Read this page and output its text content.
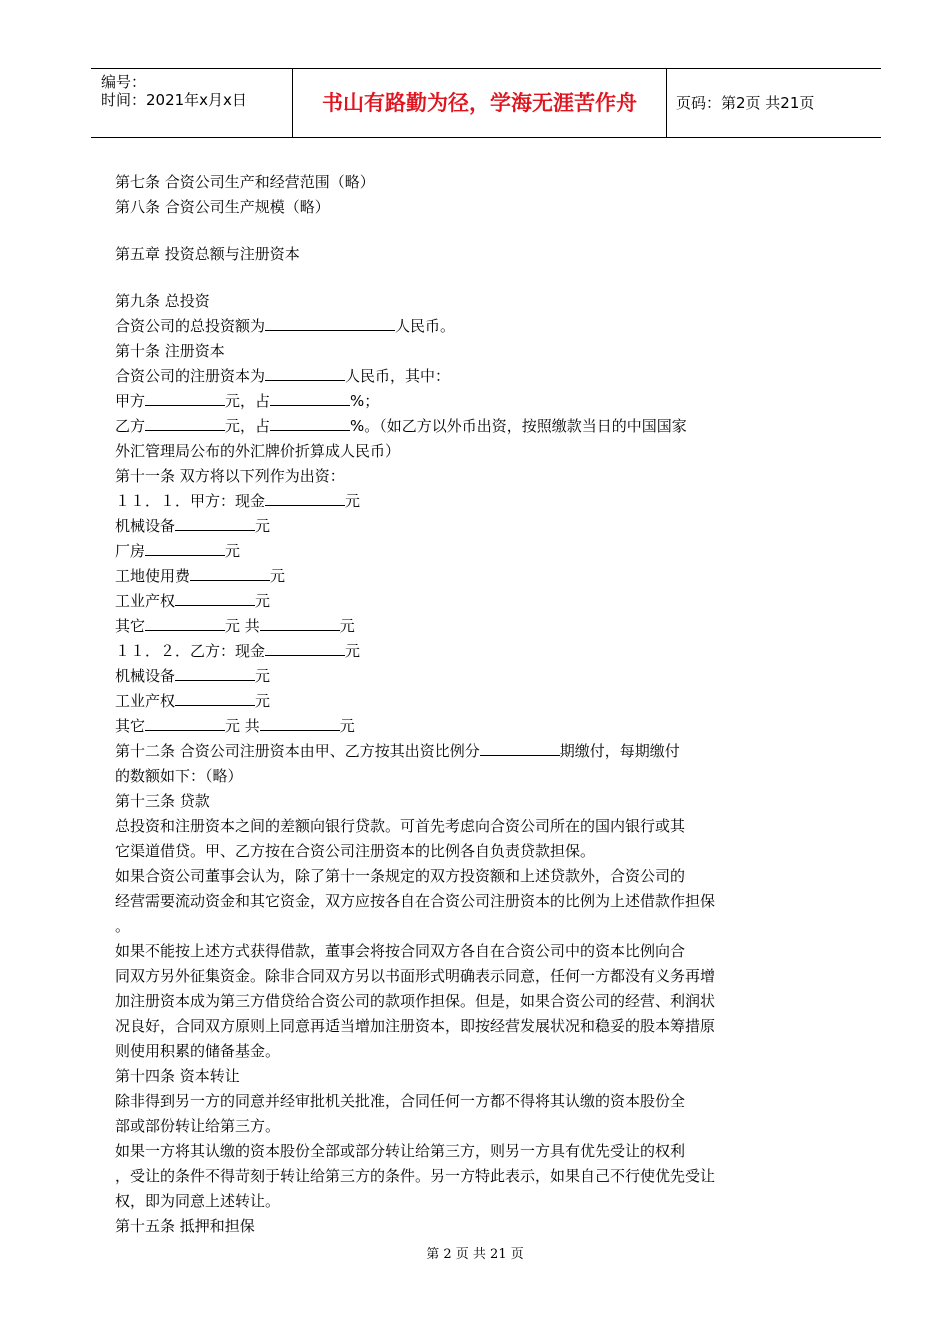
编号：
时间：2021年x月x日	书山有路勤为径，学海无涯苦作舟	页码：第2页 共21页
第七条 合资公司生产和经营范围（略）
第八条 合资公司生产规模（略）
第五章 投资总额与注册资本
第九条 总投资
合资公司的总投资额为	人民币。
第十条 注册资本
合资公司的注册资本为	人民币，其中：
甲方	元，占	%；
乙方	元，占	%。（如乙方以外币出资，按照缴款当日的中国国家
外汇管理局公布的外汇牌价折算成人民币）
第十一条 双方将以下列作为出资：
１１．１．甲方：现金	元
机械设备	元
厂房	元
工地使用费	元
工业产权	元
其它	元 共	元
１１．２．乙方：现金	元
机械设备	元
工业产权	元
其它	元 共	元
第十二条 合资公司注册资本由甲、乙方按其出资比例分	期缴付，每期缴付
的数额如下：（略）
第十三条 贷款
总投资和注册资本之间的差额向银行贷款。可首先考虑向合资公司所在的国内银行或其
它渠道借贷。甲、乙方按在合资公司注册资本的比例各自负责贷款担保。
如果合资公司董事会认为，除了第十一条规定的双方投资额和上述贷款外，合资公司的
经营需要流动资金和其它资金，双方应按各自在合资公司注册资本的比例为上述借款作担保
。
如果不能按上述方式获得借款，董事会将按合同双方各自在合资公司中的资本比例向合
同双方另外征集资金。除非合同双方另以书面形式明确表示同意，任何一方都没有义务再增
加注册资本成为第三方借贷给合资公司的款项作担保。但是，如果合资公司的经营、利润状
况良好，合同双方原则上同意再适当增加注册资本，即按经营发展状况和稳妥的股本筹措原
则使用积累的储备基金。
第十四条 资本转让
除非得到另一方的同意并经审批机关批准，合同任何一方都不得将其认缴的资本股份全
部或部份转让给第三方。
如果一方将其认缴的资本股份全部或部分转让给第三方，则另一方具有优先受让的权利
，受让的条件不得苛刻于转让给第三方的条件。另一方特此表示，如果自己不行使优先受让
权，即为同意上述转让。
第十五条 抵押和担保
第 2 页 共 21 页
